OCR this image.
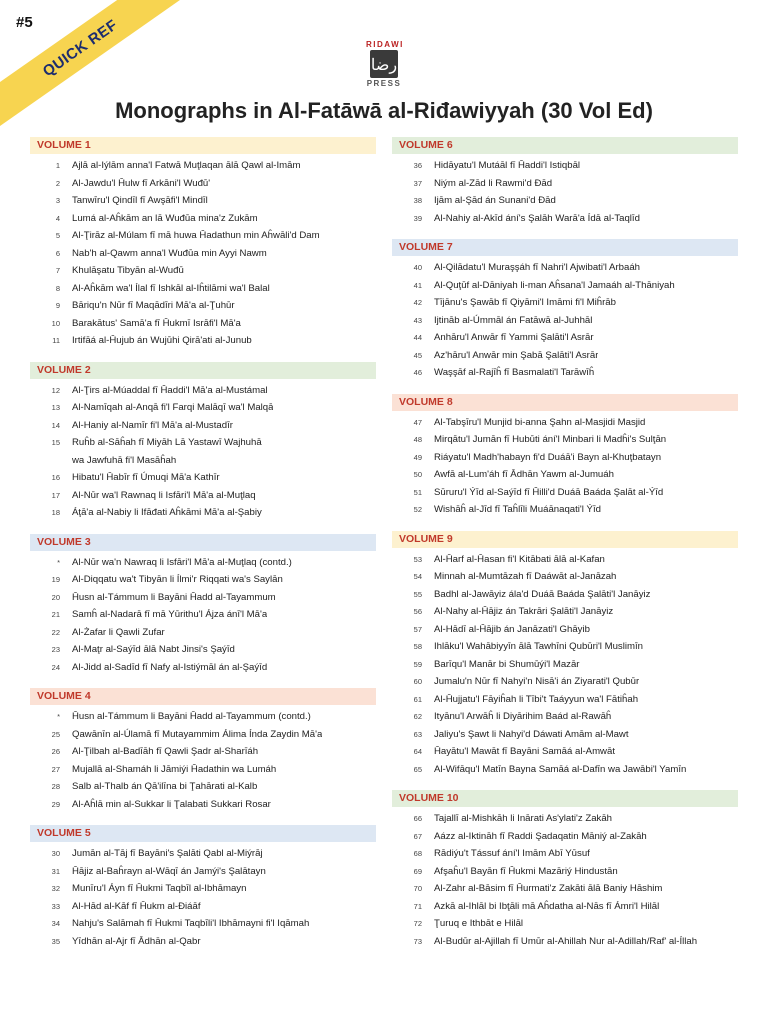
#5 QUICK REF	RIDAWI
رضا
PRESS
Monographs in Al-Fatāwā al-Riđawiyyah (30 Vol Ed)
VOLUME 1
1	Ajlā al-Iýlām anna'l Fatwā Muţlaqan ālā Qawl al-Imām
2	Al-Jawdu'l Ĥulw fī Arkāni'l Wuđū'
3	Tanwīru'l Qindīl fī Awşāfi'l Mindīl
4	Lumá al-Aĥkām an lā Wuđūa mina'z Zukām
5	Al-Ţirāz al-Múlam fī mā huwa Ĥadathun min Aĥwāli'd Dam
6	Nab'h al-Qawm anna'l Wuđūa min Ayyi Nawm
7	Khulāşatu Tibyān al-Wuđū
8	Al-Aĥkām wa'l Ílal fī Ishkāl al-Iĥtilāmi wa'l Balal
9	Bāriqu'n Nūr fī Maqādīri Mā'a al-Ţuhūr
10	Barakātus' Samā'a fī Ĥukmī Isrāfi'l Mā'a
11	Irtifāá al-Ĥujub án Wujūhi Qirā'ati al-Junub
VOLUME 2
12	Al-Ţirs al-Múaddal fī Ĥaddi'l Mā'a al-Mustámal
13	Al-Namīqah al-Anqā fi'l Farqi Malāqī wa'l Malqā
14	Al-Haniy al-Namīr fi'l Mā'a al-Mustadīr
15	Ruĥb al-Sāĥah fī Miyāh Lā Yastawī Wajhuhā
wa Jawfuhā fi'l Masāĥah
16	Hibatu'l Ĥabīr fī Úmuqi Mā'a Kathīr
17	Al-Nūr wa'l Rawnaq li Isfāri'l Mā'a al-Muţlaq
18	Áţā'a al-Nabiy li Ifāđati Aĥkāmi Mā'a al-Şabiy
VOLUME 3
*	Al-Nūr wa'n Nawraq li Isfāri'l Mā'a al-Muţlaq (contd.)
19	Al-Diqqatu wa't Tibyān li Ílmi'r Riqqati wa's Saylān
20	Ĥusn al-Támmum li Bayāni Ĥadd al-Tayammum
21	Samĥ al-Nadarā fī mā Yūrithu'l Ájza ánī'l Mā'a
22	Al-Żafar li Qawli Zufar
23	Al-Maţr al-Saýīd ālā Nabt Jinsi's Şaýīd
24	Al-Jidd al-Sadīd fī Nafy al-Istiýmāl án al-Şaýīd
VOLUME 4
*	Ĥusn al-Támmum li Bayāni Ĥadd al-Tayammum (contd.)
25	Qawānīn al-Úlamā fī Mutayammim Álima Índa Zaydin Mā'a
26	Al-Ţilbah al-Badīāh fī Qawli Şadr al-Sharīáh
27	Mujallā al-Shamáh li Jāmiýi Ĥadathin wa Lumáh
28	Salb al-Thalb án Qā'ilīna bi Ţahārati al-Kalb
29	Al-Aĥlā min al-Sukkar li Ţalabati Sukkari Rosar
VOLUME 5
30	Jumān al-Tāj fī Bayāni's Şalāti Qabl al-Miýrāj
31	Ĥājiz al-Baĥrayn al-Wāqī án Jamýi's Şalātayn
32	Munīru'l Áyn fī Ĥukmi Taqbīl al-Ibhāmayn
33	Al-Hād al-Kāf fī Ĥukm al-Điáāf
34	Nahju's Salāmah fī Ĥukmi Taqbīli'l Ibhāmayni fi'l Iqāmah
35	Yīdhān al-Ajr fī Ādhān al-Qabr
VOLUME 6
36	Hidāyatu'l Mutáāl fī Ĥaddi'l Istiqbāl
37	Niým al-Zād li Rawmi'd Đād
38	Ijām al-Şād án Sunani'd Đād
39	Al-Nahiy al-Akīd ání's Şalāh Warā'a Ídā al-Taqlīd
VOLUME 7
40	Al-Qilādatu'l Muraşşáh fī Nahri'l Ajwibati'l Arbaáh
41	Al-Quţūf al-Dāniyah li-man Aĥsana'l Jamaáh al-Thāniyah
42	Tījānu's Şawāb fī Qiyāmi'l Imāmi fi'l Miĥrāb
43	Ijtināb al-Úmmāl án Fatāwā al-Juhhāl
44	Anhāru'l Anwār fī Yammi Şalāti'l Asrār
45	Az'hāru'l Anwār min Şabā Şalāti'l Asrār
46	Waşşāf al-Rajīĥ fī Basmalati'l Tarāwīĥ
VOLUME 8
47	Al-Tabşīru'l Munjid bi-anna Şahn al-Masjidi Masjid
48	Mirqātu'l Jumān fī Hubūti ání'l Minbari li Madĥi's Sulţān
49	Riáyatu'l Madh'habayn fi'd Duáā'i Bayn al-Khuţbatayn
50	Awfā al-Lum'áh fī Ādhān Yawm al-Jumuáh
51	Sūruru'l Ýīd al-Saýīd fī Ĥilli'd Duáā Baáda Şalāt al-Ýīd
52	Wishāĥ al-Jīd fī Taĥlīli Muáānaqati'l Ýīd
VOLUME 9
53	Al-Ĥarf al-Ĥasan fi'l Kitābati ālā al-Kafan
54	Minnah al-Mumtāzah fī Daáwāt al-Janāzah
55	Badhl al-Jawāyiz ála'd Duáā Baáda Şalāti'l Janāyiz
56	Al-Nahy al-Ĥājiz án Takrāri Şalāti'l Janāyiz
57	Al-Hādī al-Ĥājib án Janāzati'l Ghāyib
58	Ihlāku'l Wahābiyyīn ālā Tawhīni Qubūri'l Muslimīn
59	Barīqu'l Manār bi Shumūýi'l Mazār
60	Jumalu'n Nūr fī Nahyi'n Nisā'i án Ziyarati'l Qubūr
61	Al-Ĥujjatu'l Fāyiĥah li Tībi't Taáyyun wa'l Fātiĥah
62	Ityānu'l Arwāĥ li Diyārihim Baád al-Rawāĥ
63	Jaliyu's Şawt li Nahyi'd Dáwati Amām al-Mawt
64	Ĥayātu'l Mawāt fī Bayāni Samāá al-Amwāt
65	Al-Wifāqu'l Matīn Bayna Samāá al-Dafīn wa Jawābi'l Yamīn
VOLUME 10
66	Tajallī al-Mishkāh li Inārati As'ylati'z Zakāh
67	Aázz al-Iktināh fī Raddi Şadaqatin Māniý al-Zakāh
68	Rādiýu't Tássuf ání'l Imām Abī Yūsuf
69	Afşaĥu'l Bayān fī Ĥukmi Mazāriý Hindustān
70	Al-Zahr al-Bāsim fī Ĥurmati'z Zakāti ālā Baniy Hāshim
71	Azkā al-Ihlāl bi Ibţāli mā Aĥdatha al-Nās fī Ámri'l Hilāl
72	Ţuruq e Ithbāt e Hilāl
73	Al-Budūr al-Ajillah fī Umūr al-Ahillah Nur al-Adillah/Raf' al-Íllah
